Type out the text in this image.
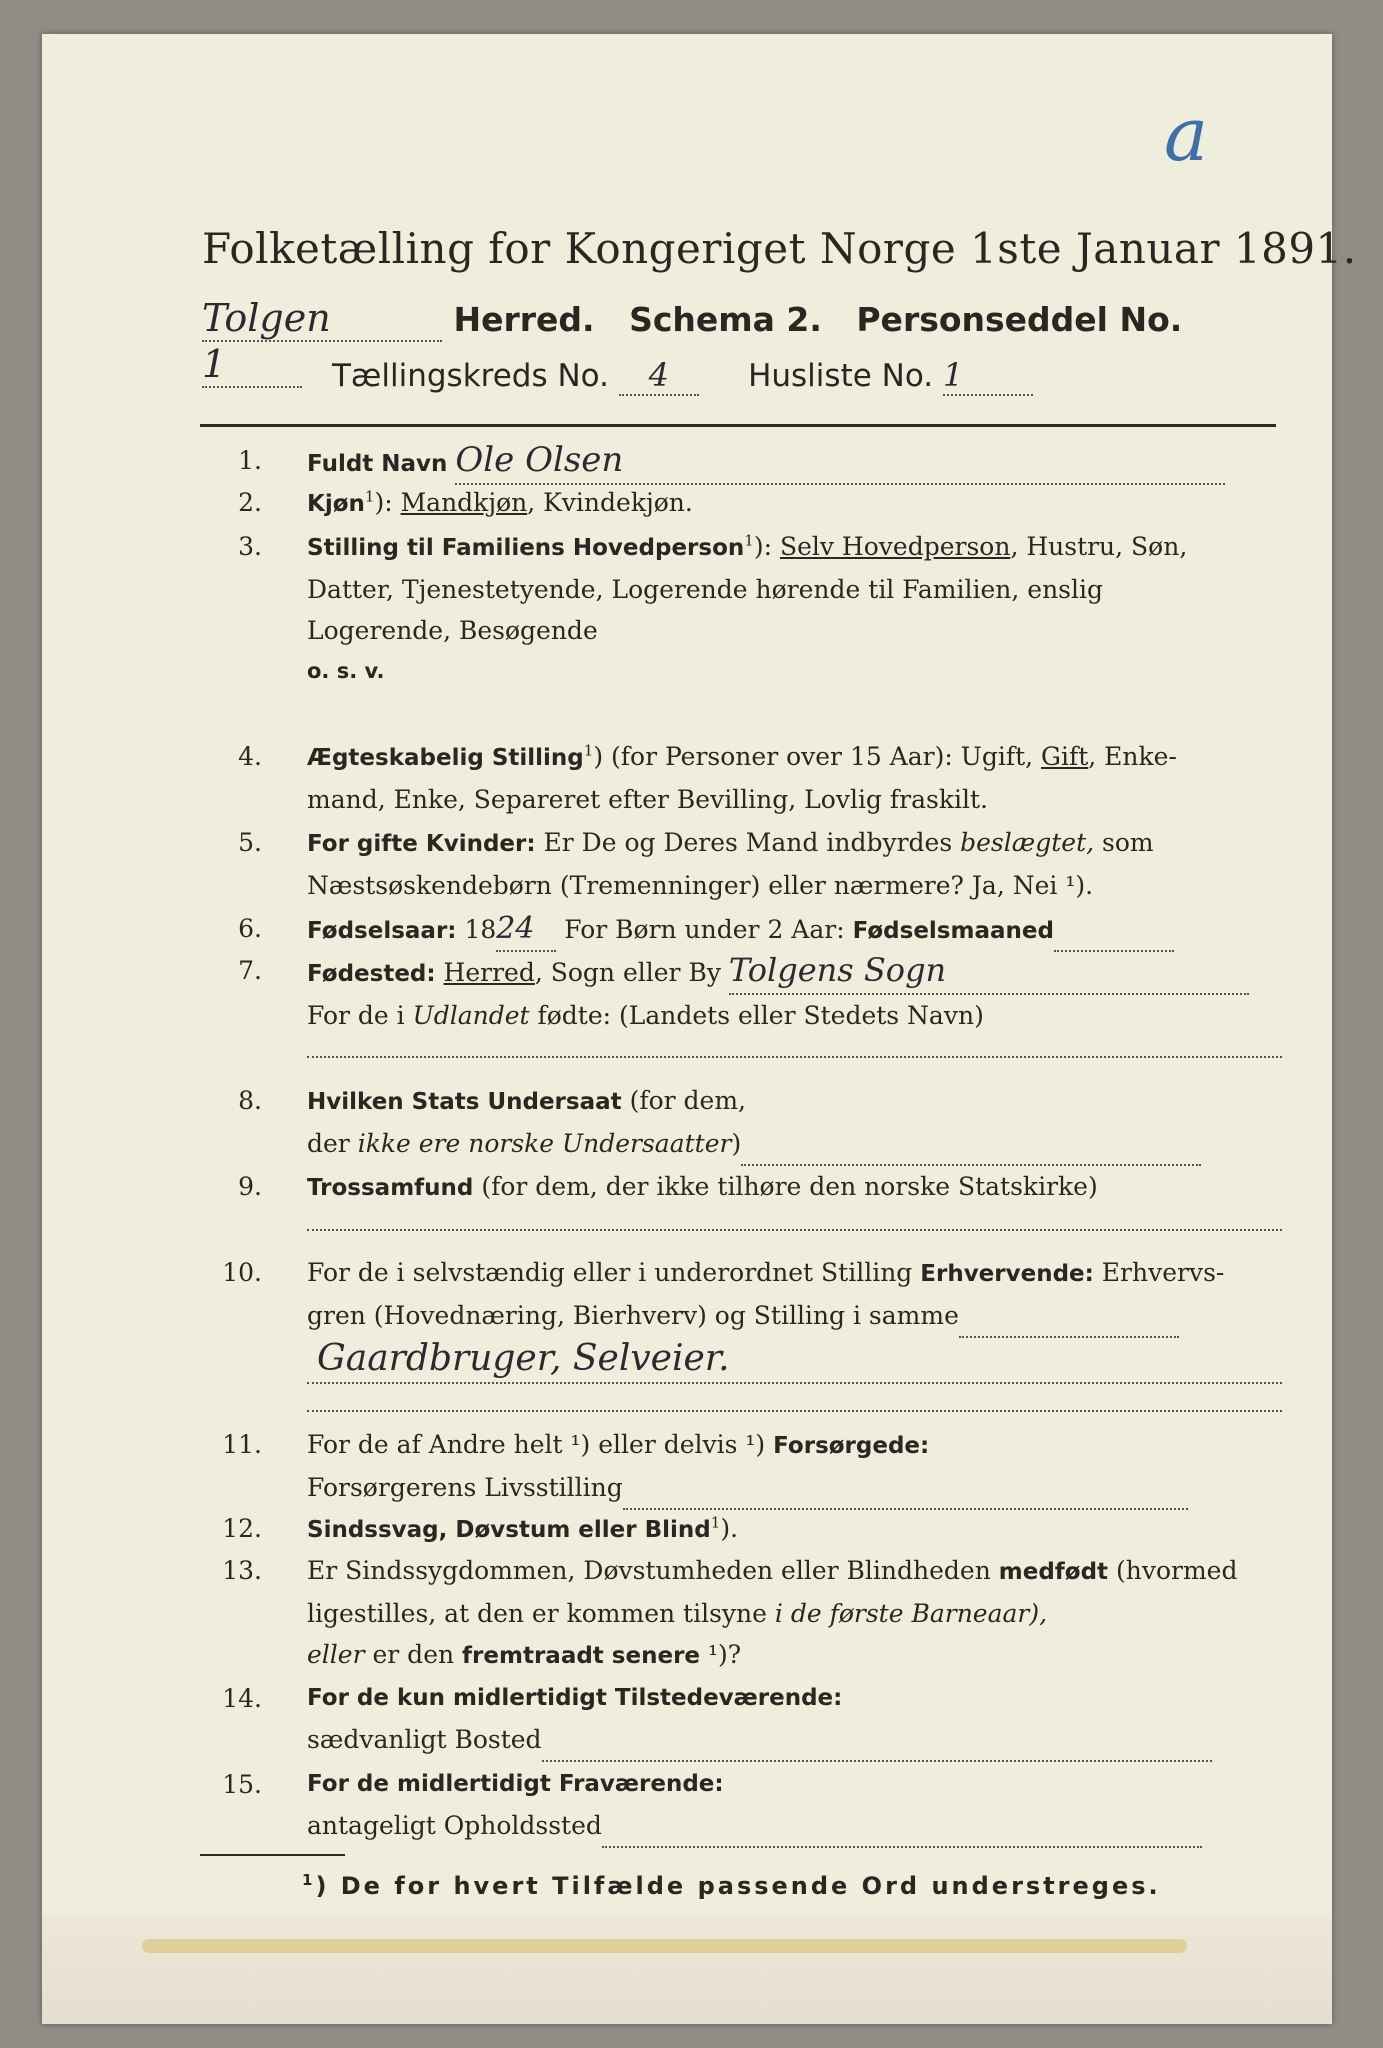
a
Folketælling for Kongeriget Norge 1ste Januar 1891.
Tolgen	Herred. Schema 2. Personseddel No. 1	Tællingskreds No. 4	Husliste No. 1
1. Fuldt Navn Ole Olsen
2. Kjøn$^1$): Mandkjøn, Kvindekjøn.
3. Stilling til Familiens Hovedperson$^1$): Selv Hovedperson, Hustru, Søn,
Datter, Tjenestetyende, Logerende hørende til Familien, enslig
Logerende, Besøgende
o. s. v.
4. Ægteskabelig Stilling$^1$) (for Personer over 15 Aar): Ugift, Gift, Enke-
mand, Enke, Separeret efter Bevilling, Lovlig fraskilt.
5. For gifte Kvinder: Er De og Deres Mand indbyrdes beslægtet, som
Næstsøskendebørn (Tremenninger) eller nærmere? Ja, Nei ¹).
6. Fødselsaar: 1824 For Børn under 2 Aar: Fødselsmaaned
7. Fødested: Herred, Sogn eller By Tolgens Sogn
For de i Udlandet fødte: (Landets eller Stedets Navn)
8. Hvilken Stats Undersaat (for dem,
der ikke ere norske Undersaatter)
9. Trossamfund (for dem, der ikke tilhøre den norske Statskirke)
10. For de i selvstændig eller i underordnet Stilling Erhvervende: Erhvervs-
gren (Hovednæring, Bierhverv) og Stilling i samme
Gaardbruger, Selveier.
11. For de af Andre helt ¹) eller delvis ¹) Forsørgede:
Forsørgerens Livsstilling
12. Sindssvag, Døvstum eller Blind$^1$).
13. Er Sindssygdommen, Døvstumheden eller Blindheden medfødt (hvormed
ligestilles, at den er kommen tilsyne i de første Barneaar),
eller er den fremtraadt senere ¹)?
14. For de kun midlertidigt Tilstedeværende:
sædvanligt Bosted
15. For de midlertidigt Fraværende:
antageligt Opholdssted
$^1$) De for hvert Tilfælde passende Ord understreges.
